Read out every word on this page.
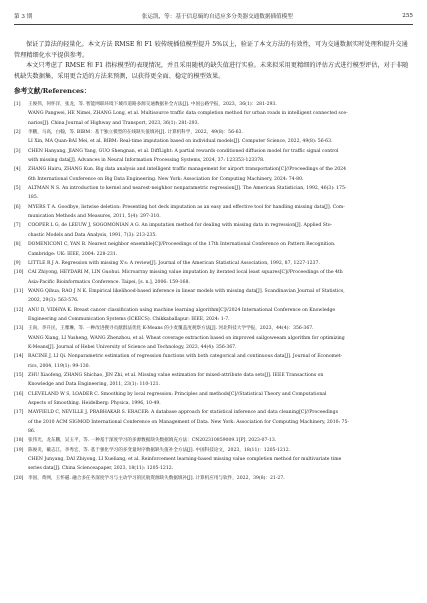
第 3 期	张运凯，等：基于信息熵的自适应多分类器交通数据插值模型	255

保证了算法的轻量化。本文方法 RMSE 和 F1 较传统插值模型提升 5%以上，验证了本文方法的有效性，可为交通数据实时处理和提升交通管理精细化水平提供参考。

本文只考虑了 RMSE 和 F1 指标模型的表现情况，并且采用随机的缺失值进行实验。未来拟采用更精细的评估方式进行模型评估，对于非随机缺失数据集，采用更合适的方法来预测，以获得更全面、稳定的模型效果。

参考文献/References：
[1]	王俊伟，何怀洋，张龙，等. 智能网联环境下城市道路多源交通数据补全方法[J]. 中国公路学报，2023，36(1)：281-293.
WANG Pangwei, HE Nimei, ZHANG Long, et al. Multisource traffic data completion method for urban roads in intelligent connected sce-
narios[J]. China Journal of Highway and Transport, 2023, 36(1): 281-293.
[2]	李鹏，马高，白翰，等. BIBM：基于独立模型的在线缺失值填补[J]. 计算机科学，2022，49(8)：56-63.
LI Xin, MA Quan-BAI Mei, et al. BIBM: Real-time imputation based on individual models[J]. Computer Science, 2022, 49(8): 56-63.
[3]	CHEN Hanyang, JIANG Yang, GUO Shengnan, et al. DiffLight: A partial rewards conditioned diffusion model for traffic signal control
with missing data[J]. Advances in Neural Information Processing Systems, 2024, 37: 123353-123378.
[4]	ZHANG Hairu, ZHANG Kun. Big data analysis and intelligent traffic management for airport transportation[C]//Proceedings of the 2024
6th International Conference on Big Data Engineering. New York: Association for Computing Machinery, 2024: 74-80.
[5]	ALTMAN N S. An introduction to kernel and nearest-neighbor nonparametric regression[J]. The American Statistician, 1992, 46(3): 175-
185.
[6]	MYERS T A. Goodbye, listwise deletion: Presenting hot deck imputation as an easy and effective tool for handling missing data[J]. Com-
munication Methods and Measures, 2011, 5(4): 297-310.
[7]	COOPER L G, de LEEUW J, SOGOMONIAN A G. An imputation method for dealing with missing data in regression[J]. Applied Sto-
chastic Models and Data Analysis, 1991, 7(3): 213-235.
[8]	DOMENICONI C, YAN B. Nearest neighbor ensemble[C]//Proceedings of the 17th International Conference on Pattern Recognition.
Cambridge: UK: IEEE, 2004: 228-231.
[9]	LITTLE R J A. Regression with missing X's: A review[J]. Journal of the American Statistical Association, 1992, 87, 1227-1237.
[10] CAI Zhiyong, HEYDARI M, LIN Guohui. Microarray missing value imputation by iterated local least squares[C]//Proceedings of the 4th
Asia-Pacific Bioinformatics Conference. Taipei, [s. n.], 2006: 159-168.
[11] WANG Qihua, RAO J N K. Empirical likelihood-based inference in linear models with missing data[J]. Scandinavian Journal of Statistics,
2002, 29(3): 563-576.
[12] ANU D, VIDHYA K. Breast cancer classification using machine learning algorithm[C]//2024 International Conference on Knowledge
Engineering and Communication Systems (ICKECS). Chikkaballapur: IEEE, 2024: 1-7.
[13] 王尚，李升民，王雅琳，等. 一种改进搜寻贡献群法优化 K-Means 的小麦覆盖度观察方法[J]. 河北科技大学学报，2023，44(4)：356-367.
WANG Xiang, LI Yusheng, WANG Zhenzhou, et al. Wheat coverage extraction based on improved sailgoweeam algorithm for optimizing
K-Means[J]. Journal of Hebei University of Science and Technology, 2023, 44(4): 356-367.
[14] RACINE J, LI Qi. Nonparametric estimation of regression functions with both categorical and continuous data[J]. Journal of Economet-
rics, 2004, 119(1): 99-130.
[15] ZHU Xiaofeng, ZHANG Shichao, JIN Zhi, et al. Missing value estimation for mixed-attribute data sets[J]. IEEE Transactions on
Knowledge and Data Engineering, 2011, 23(1): 110-121.
[16] CLEVELAND W S, LOADER C. Smoothing by local regression: Principles and methods[C]//Statistical Theory and Computational
Aspects of Smoothing. Heidelberg: Physica, 1996, 10-49.
[17] MAYFIELD C, NEVILLE J, PRABHAKAR S. ERACER: A database approach for statistical inference and data cleaning[C]//Proceedings
of the 2010 ACM SIGMOD International Conference on Management of Data. New York: Association for Computing Machinery, 2010: 75-
86.
[18] 张伟光，龙东鹏，吴玉平，等. 一种基于深度学习的多源数据缺失数据填充方法：CN202310859009.1[P]. 2023-07-13.
[19] 陈俊炎，戴志江，李秀宏，等. 基于强化学习的多变量时序数据缺失值补全方法[J]. 中国科技论文，2023，18(11)：1205-1212.
CHEN Junyang, DAI Zhiyong, LI Xueliang, et al. Reinforcement learning-based missing value completion method for multivariate time
series data[J]. China Scienceapaper, 2023, 18(11): 1205-1212.
[20] 李国，黄网，王怀磁. 融合多任务深度学习与主动学习的民航资源缺失数据填补[J]. 计算机应用与软件，2022，39(8)：21-27.
